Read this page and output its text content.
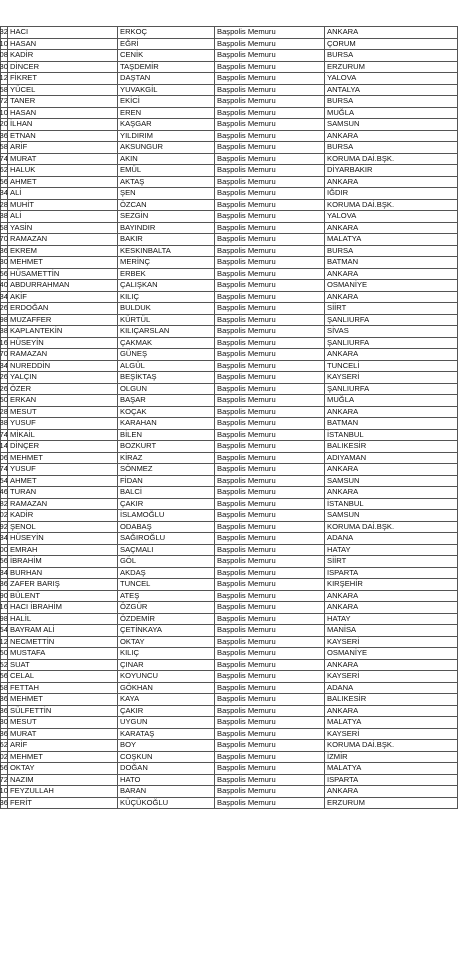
32	HACI	ERKOÇ	Başpolis Memuru	ANKARA
10	HASAN	EĞRİ	Başpolis Memuru	ÇORUM
08	KADİR	CENİK	Başpolis Memuru	BURSA
30	DİNCER	TAŞDEMİR	Başpolis Memuru	ERZURUM
12	FİKRET	DAŞTAN	Başpolis Memuru	YALOVA
58	YÜCEL	YUVAKGİL	Başpolis Memuru	ANTALYA
72	TANER	EKİCİ	Başpolis Memuru	BURSA
10	HASAN	EREN	Başpolis Memuru	MUĞLA
20	İLHAN	KAŞGAR	Başpolis Memuru	SAMSUN
36	ETNAN	YILDIRIM	Başpolis Memuru	ANKARA
58	ARİF	AKSUNGUR	Başpolis Memuru	BURSA
74	MURAT	AKIN	Başpolis Memuru	KORUMA DAİ.BŞK.
62	HALUK	EMÜL	Başpolis Memuru	DİYARBAKIR
56	AHMET	AKTAŞ	Başpolis Memuru	ANKARA
34	ALİ	ŞEN	Başpolis Memuru	IĞDIR
28	MUHİT	ÖZCAN	Başpolis Memuru	KORUMA DAİ.BŞK.
38	ALİ	SEZGİN	Başpolis Memuru	YALOVA
58	YASİN	BAYINDIR	Başpolis Memuru	ANKARA
70	RAMAZAN	BAKIR	Başpolis Memuru	MALATYA
36	EKREM	KESKINBALTA	Başpolis Memuru	BURSA
30	MEHMET	MERİNÇ	Başpolis Memuru	BATMAN
56	HÜSAMETTİN	ERBEK	Başpolis Memuru	ANKARA
40	ABDURRAHMAN	ÇALIŞKAN	Başpolis Memuru	OSMANİYE
34	AKİF	KILIÇ	Başpolis Memuru	ANKARA
26	ERDOĞAN	BULDUK	Başpolis Memuru	SİİRT
98	MUZAFFER	KÜRTÜL	Başpolis Memuru	ŞANLIURFA
38	KAPLANTEKİN	KILIÇARSLAN	Başpolis Memuru	SİVAS
16	HÜSEYİN	ÇAKMAK	Başpolis Memuru	ŞANLIURFA
70	RAMAZAN	GÜNEŞ	Başpolis Memuru	ANKARA
34	NUREDDİN	ALGÜL	Başpolis Memuru	TUNCELİ
26	YALÇIN	BEŞİKTAŞ	Başpolis Memuru	KAYSERİ
26	ÖZER	OLGUN	Başpolis Memuru	ŞANLIURFA
50	ERKAN	BAŞAR	Başpolis Memuru	MUĞLA
28	MESUT	KOÇAK	Başpolis Memuru	ANKARA
38	YUSUF	KARAHAN	Başpolis Memuru	BATMAN
74	MİKAİL	BİLEN	Başpolis Memuru	İSTANBUL
14	DİNÇER	BOZKURT	Başpolis Memuru	BALIKESİR
06	MEHMET	KİRAZ	Başpolis Memuru	ADIYAMAN
74	YUSUF	SÖNMEZ	Başpolis Memuru	ANKARA
54	AHMET	FİDAN	Başpolis Memuru	SAMSUN
46	TURAN	BALCİ	Başpolis Memuru	ANKARA
82	RAMAZAN	ÇAKIR	Başpolis Memuru	İSTANBUL
02	KADİR	İSLAMOĞLU	Başpolis Memuru	SAMSUN
92	ŞENOL	ODABAŞ	Başpolis Memuru	KORUMA DAİ.BŞK.
34	HÜSEYİN	SAĞIROĞLU	Başpolis Memuru	ADANA
00	EMRAH	SAÇMALI	Başpolis Memuru	HATAY
56	İBRAHİM	GÖL	Başpolis Memuru	SİİRT
34	BURHAN	AKDAŞ	Başpolis Memuru	ISPARTA
36	ZAFER BARIŞ	TUNCEL	Başpolis Memuru	KIRŞEHİR
90	BÜLENT	ATEŞ	Başpolis Memuru	ANKARA
16	HACI İBRAHİM	ÖZGÜR	Başpolis Memuru	ANKARA
98	HALİL	ÖZDEMİR	Başpolis Memuru	HATAY
54	BAYRAM ALİ	ÇETİNKAYA	Başpolis Memuru	MANİSA
12	NECMETTİN	OKTAY	Başpolis Memuru	KAYSERİ
50	MUSTAFA	KILIÇ	Başpolis Memuru	OSMANİYE
52	SUAT	ÇINAR	Başpolis Memuru	ANKARA
56	CELAL	KOYUNCU	Başpolis Memuru	KAYSERİ
58	FETTAH	GÖKHAN	Başpolis Memuru	ADANA
36	MEHMET	KAYA	Başpolis Memuru	BALIKESİR
36	SÜLFETTİN	ÇAKIR	Başpolis Memuru	ANKARA
30	MESUT	UYGUN	Başpolis Memuru	MALATYA
36	MURAT	KARATAŞ	Başpolis Memuru	KAYSERİ
62	ARİF	BOY	Başpolis Memuru	KORUMA DAİ.BŞK.
02	MEHMET	COŞKUN	Başpolis Memuru	İZMİR
56	OKTAY	DOĞAN	Başpolis Memuru	MALATYA
72	NAZIM	HATO	Başpolis Memuru	ISPARTA
10	FEYZULLAH	BARAN	Başpolis Memuru	ANKARA
36	FERİT	KÜÇÜKOĞLU	Başpolis Memuru	ERZURUM
